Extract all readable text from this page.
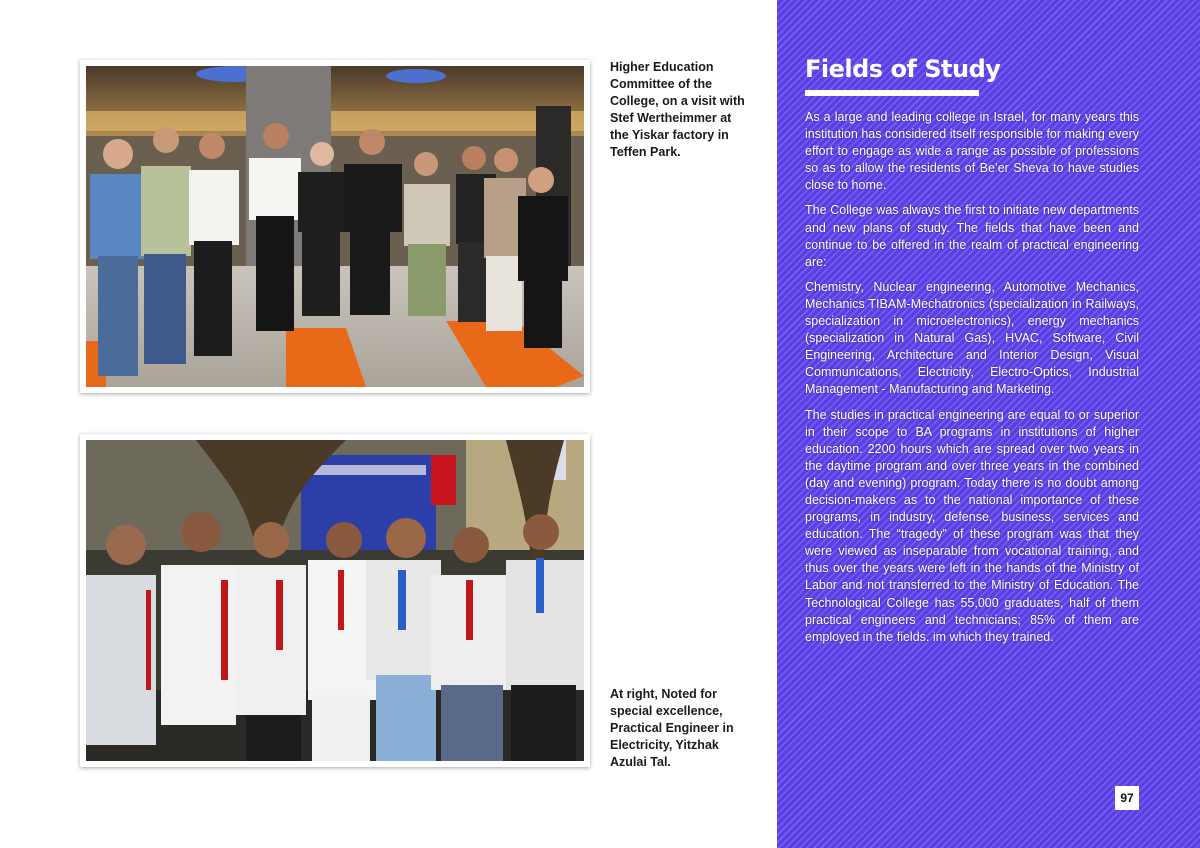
Higher Education Committee of the College, on a visit with Stef Wertheimmer at the Yiskar factory in Teffen Park.
At right, Noted for special excellence, Practical Engineer in Electricity, Yitzhak Azulai Tal.
Fields of Study

As a large and leading college in Israel, for many years this institution has considered itself responsible for making every effort to engage as wide a range as possible of professions so as to allow the residents of Be’er Sheva to have studies close to home.

The College was always the first to initiate new departments and new plans of study. The fields that have been and continue to be offered in the realm of practical engineering are:

Chemistry, Nuclear engineering, Automotive Mechanics, Mechanics TIBAM-Mechatronics (specialization in Railways, specialization in microelectronics), energy mechanics (specialization in Natural Gas), HVAC, Software, Civil Engineering, Architecture and Interior Design, Visual Communications, Electricity, Electro-Optics, Industrial Management - Manufacturing and Marketing.

The studies in practical engineering are equal to or superior in their scope to BA programs in institutions of higher education. 2200 hours which are spread over two years in the daytime program and over three years in the combined (day and evening) program. Today there is no doubt among decision-makers as to the national importance of these programs, in industry, defense, business, services and education. The “tragedy” of these program was that they were viewed as inseparable from vocational training, and thus over the years were left in the hands of the Ministry of Labor and not transferred to the Ministry of Education. The Technological College has 55,000 graduates, half of them practical engineers and technicians; 85% of them are employed in the fields. im which they trained.

97
